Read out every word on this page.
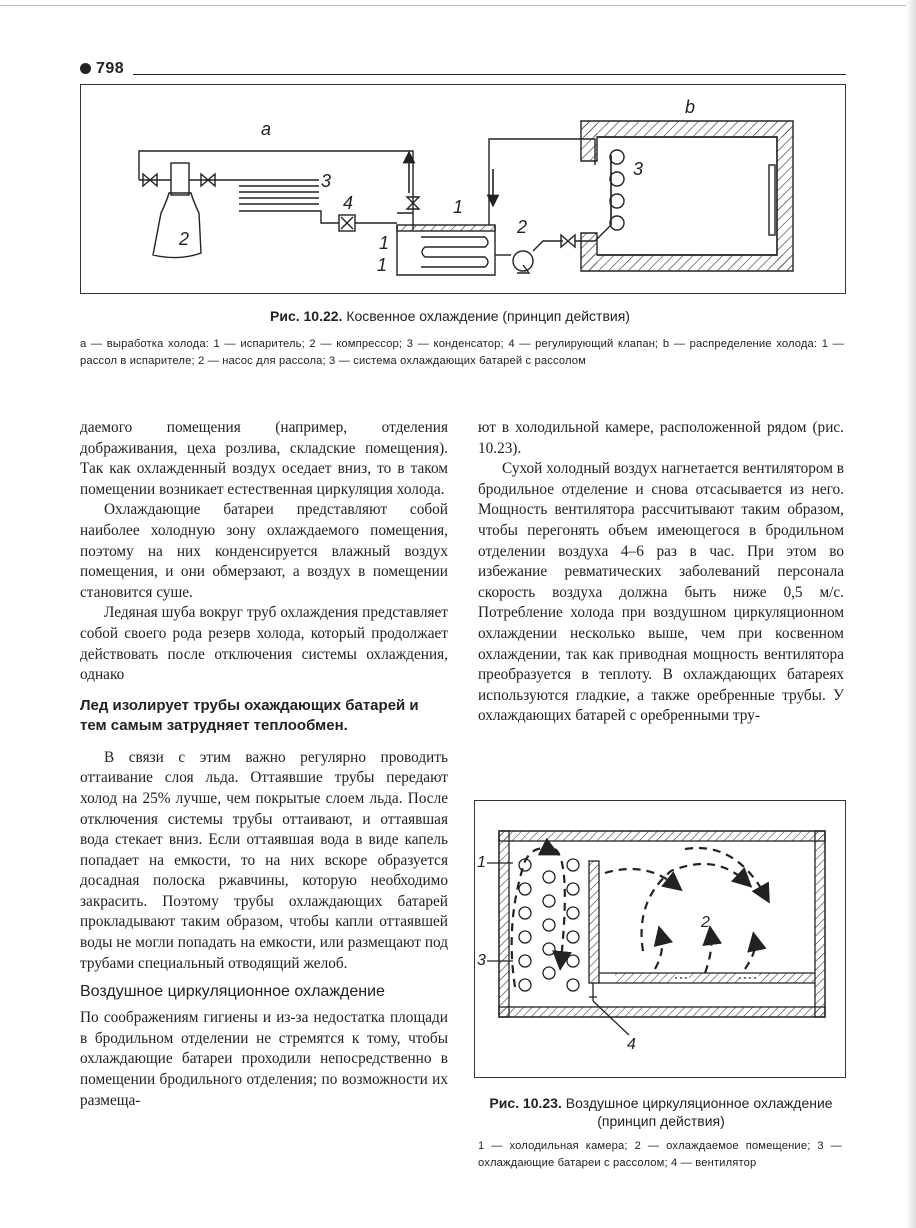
798
a
b
3
4	1
1
2
2
1
3
Рис. 10.22. Косвенное охлаждение (принцип действия)
а — выработка холода: 1 — испаритель; 2 — компрессор; 3 — конденсатор; 4 — регулирующий клапан; b — распределение холода: 1 — рассол в испарителе; 2 — насос для рассола; 3 — система охлаждающих батарей с рассолом

даемого помещения (например, отделения дображивания, цеха розлива, складские помещения). Так как охлажденный воздух оседает вниз, то в таком помещении возникает естественная циркуляция холода.

Охлаждающие батареи представляют собой наиболее холодную зону охлаждаемого помещения, поэтому на них конденсируется влажный воздух помещения, и они обмерзают, а воздух в помещении становится суше.

Ледяная шуба вокруг труб охлаждения представляет собой своего рода резерв холода, который продолжает действовать после отключения системы охлаждения, однако

Лед изолирует трубы охаждающих батарей и тем самым затрудняет теплообмен.

В связи с этим важно регулярно проводить оттаивание слоя льда. Оттаявшие трубы передают холод на 25% лучше, чем покрытые слоем льда. После отключения системы трубы оттаивают, и оттаявшая вода стекает вниз. Если оттаявшая вода в виде капель попадает на емкости, то на них вскоре образуется досадная полоска ржавчины, которую необходимо закрасить. Поэтому трубы охлаждающих батарей прокладывают таким образом, чтобы капли оттаявшей воды не могли попадать на емкости, или размещают под трубами специальный отводящий желоб.

Воздушное циркуляционное охлаждение

По соображениям гигиены и из-за недостатка площади в бродильном отделении не стремятся к тому, чтобы охлаждающие батареи проходили непосредственно в помещении бродильного отделения; по возможности их размеща-

ют в холодильной камере, расположенной рядом (рис. 10.23).

Сухой холодный воздух нагнетается вентилятором в бродильное отделение и снова отсасывается из него. Мощность вентилятора рассчитывают таким образом, чтобы перегонять объем имеющегося в бродильном отделении воздуха 4–6 раз в час. При этом во избежание ревматических заболеваний персонала скорость воздуха должна быть ниже 0,5 м/с. Потребление холода при воздушном циркуляционном охлаждении несколько выше, чем при косвенном охлаждении, так как приводная мощность вентилятора преобразуется в теплоту. В охлаждающих батареях используются гладкие, а также оребренные трубы. У охлаждающих батарей с оребренными тру-

1
2
3
4
Рис. 10.23. Воздушное циркуляционное охлаждение (принцип действия)
1 — холодильная камера; 2 — охлаждаемое помещение; 3 — охлаждающие батареи с рассолом; 4 — вентилятор
